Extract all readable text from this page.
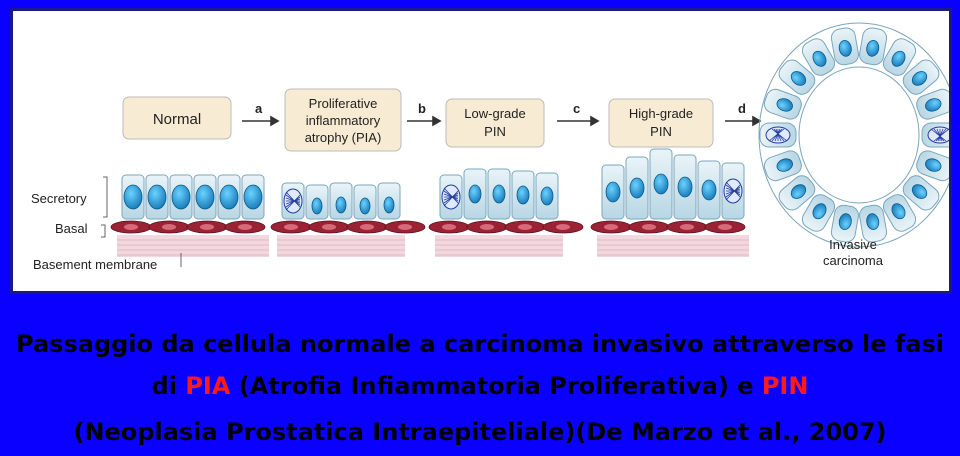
Normal
Proliferative
inflammatory
atrophy (PIA)
Low-grade
PIN
High-grade
PIN
a	b	c	d
Secretory
Basal
Basement membrane
Invasive
carcinoma
Passaggio da cellula normale a carcinoma invasivo attraverso le fasi
di PIA (Atrofia Infiammatoria Proliferativa) e PIN
(Neoplasia Prostatica Intraepiteliale)(De Marzo et al., 2007)
